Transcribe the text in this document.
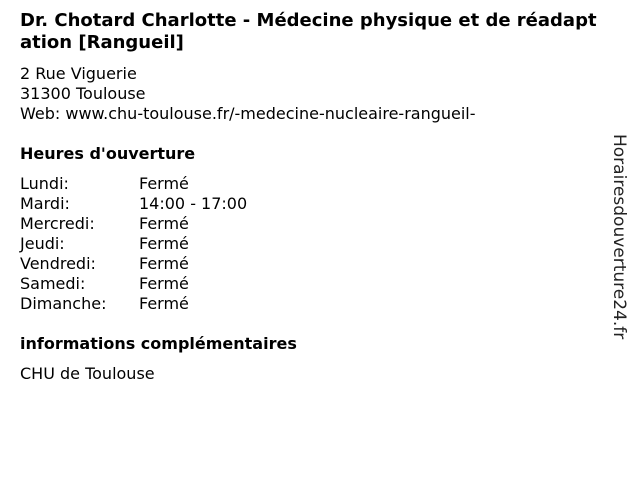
Dr. Chotard Charlotte - Médecine physique et de réadaptation [Rangueil]
2 Rue Viguerie
31300 Toulouse
Web: www.chu-toulouse.fr/-medecine-nucleaire-rangueil-
Heures d'ouverture
Lundi:	Fermé
Mardi:	14:00 - 17:00
Mercredi:	Fermé
Jeudi:	Fermé
Vendredi:	Fermé
Samedi:	Fermé
Dimanche: Fermé
informations complémentaires
CHU de Toulouse
Horairesdouverture24.fr
